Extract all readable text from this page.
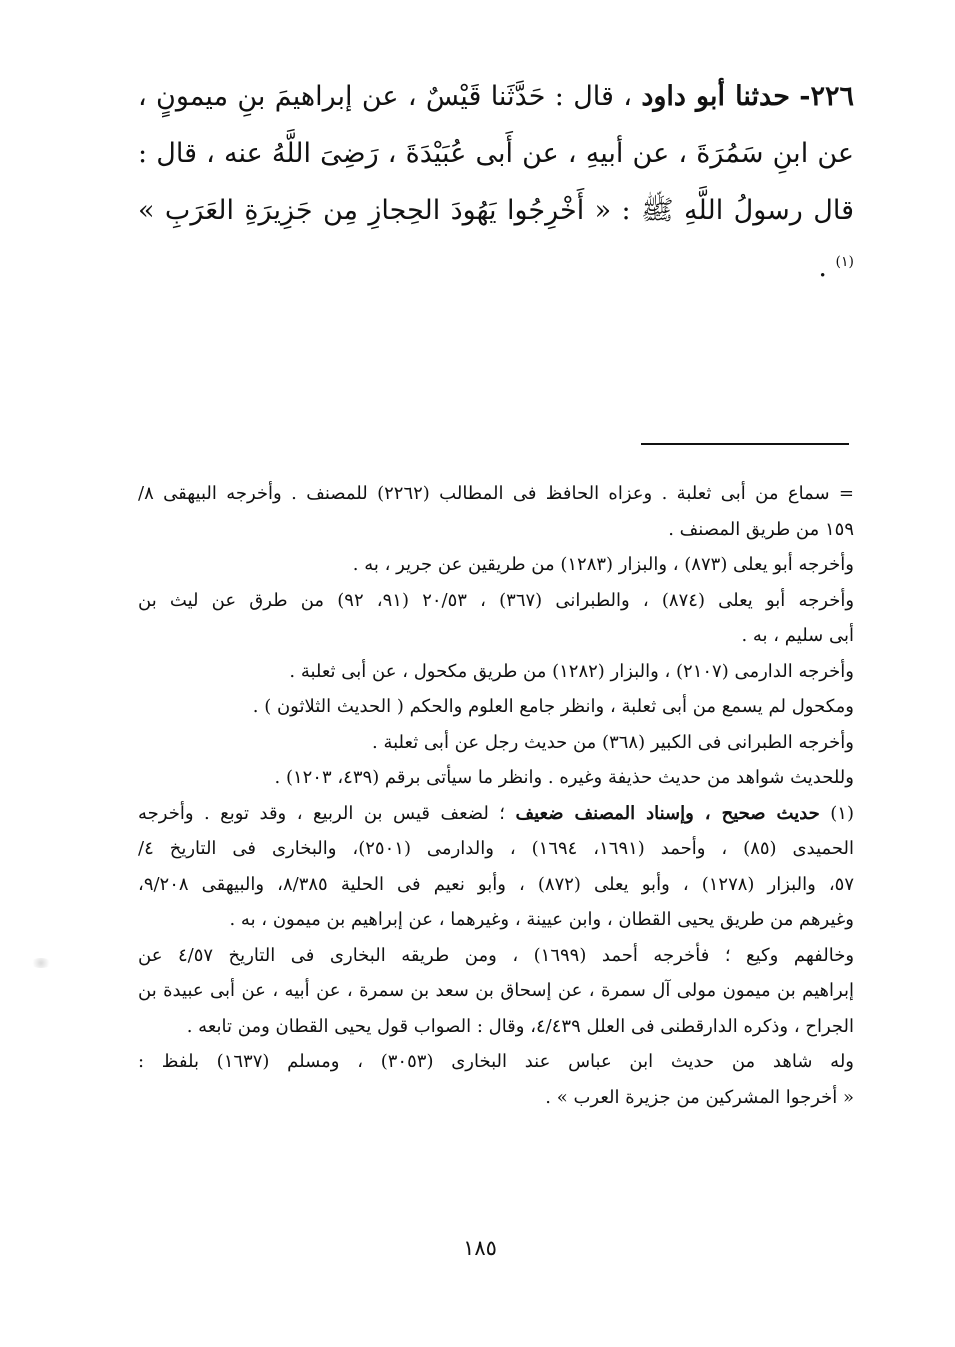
٢٢٦- حدثنا أبو داود ، قال : حَدَّثَنا قَيْسٌ ، عن إبراهيمَ بنِ ميمونٍ ، عن ابنِ سَمُرَةَ ، عن أبيهِ ، عن أَبى عُبَيْدَةَ ، رَضِىَ اللَّهُ عنه ، قال : قال رسولُ اللَّهِ ﷺ : « أَخْرِجُوا يَهُودَ الحِجازِ مِن جَزِيرَةِ العَرَبِ » $^{(١)}$ .
= سماع من أبى ثعلبة . وعزاه الحافظ فى المطالب (٢٢٦٢) للمصنف . وأخرجه البيهقى ٨/
١٥٩ من طريق المصنف .
وأخرجه أبو يعلى (٨٧٣) ، والبزار (١٢٨٣) من طريقين عن جرير ، به .
وأخرجه أبو يعلى (٨٧٤) ، والطبرانى (٣٦٧) ، ٢٠/٥٣ (٩١، ٩٢) من طرق عن ليث بن
أبى سليم ، به .
وأخرجه الدارمى (٢١٠٧) ، والبزار (١٢٨٢) من طريق مكحول ، عن أبى ثعلبة .
ومكحول لم يسمع من أبى ثعلبة ، وانظر جامع العلوم والحكم ( الحديث الثلاثون ) .
وأخرجه الطبرانى فى الكبير (٣٦٨) من حديث رجل عن أبى ثعلبة .
وللحديث شواهد من حديث حذيفة وغيره . وانظر ما سيأتى برقم (٤٣٩، ١٢٠٣) .
(١) حديث صحيح ، وإسناد المصنف ضعيف ؛ لضعف قيس بن الربيع ، وقد توبع . وأخرجه
الحميدى (٨٥) ، وأحمد (١٦٩١، ١٦٩٤) ، والدارمى (٢٥٠١)، والبخارى فى التاريخ ٤/
٥٧، والبزار (١٢٧٨) ، وأبو يعلى (٨٧٢) ، وأبو نعيم فى الحلية ٨/٣٨٥، والبيهقى ٩/٢٠٨،
وغيرهم من طريق يحيى القطان ، وابن عيينة ، وغيرهما ، عن إبراهيم بن ميمون ، به .
وخالفهم وكيع ؛ فأخرجه أحمد (١٦٩٩) ، ومن طريقه البخارى فى التاريخ ٤/٥٧ عن
إبراهيم بن ميمون مولى آل سمرة ، عن إسحاق بن سعد بن سمرة ، عن أبيه ، عن أبى عبيدة بن
الجراح ، وذكره الدارقطنى فى العلل ٤/٤٣٩، وقال : الصواب قول يحيى القطان ومن تابعه .
وله شاهد من حديث ابن عباس عند البخارى (٣٠٥٣) ، ومسلم (١٦٣٧) بلفظ :
« أخرجوا المشركين من جزيرة العرب » .
١٨٥
